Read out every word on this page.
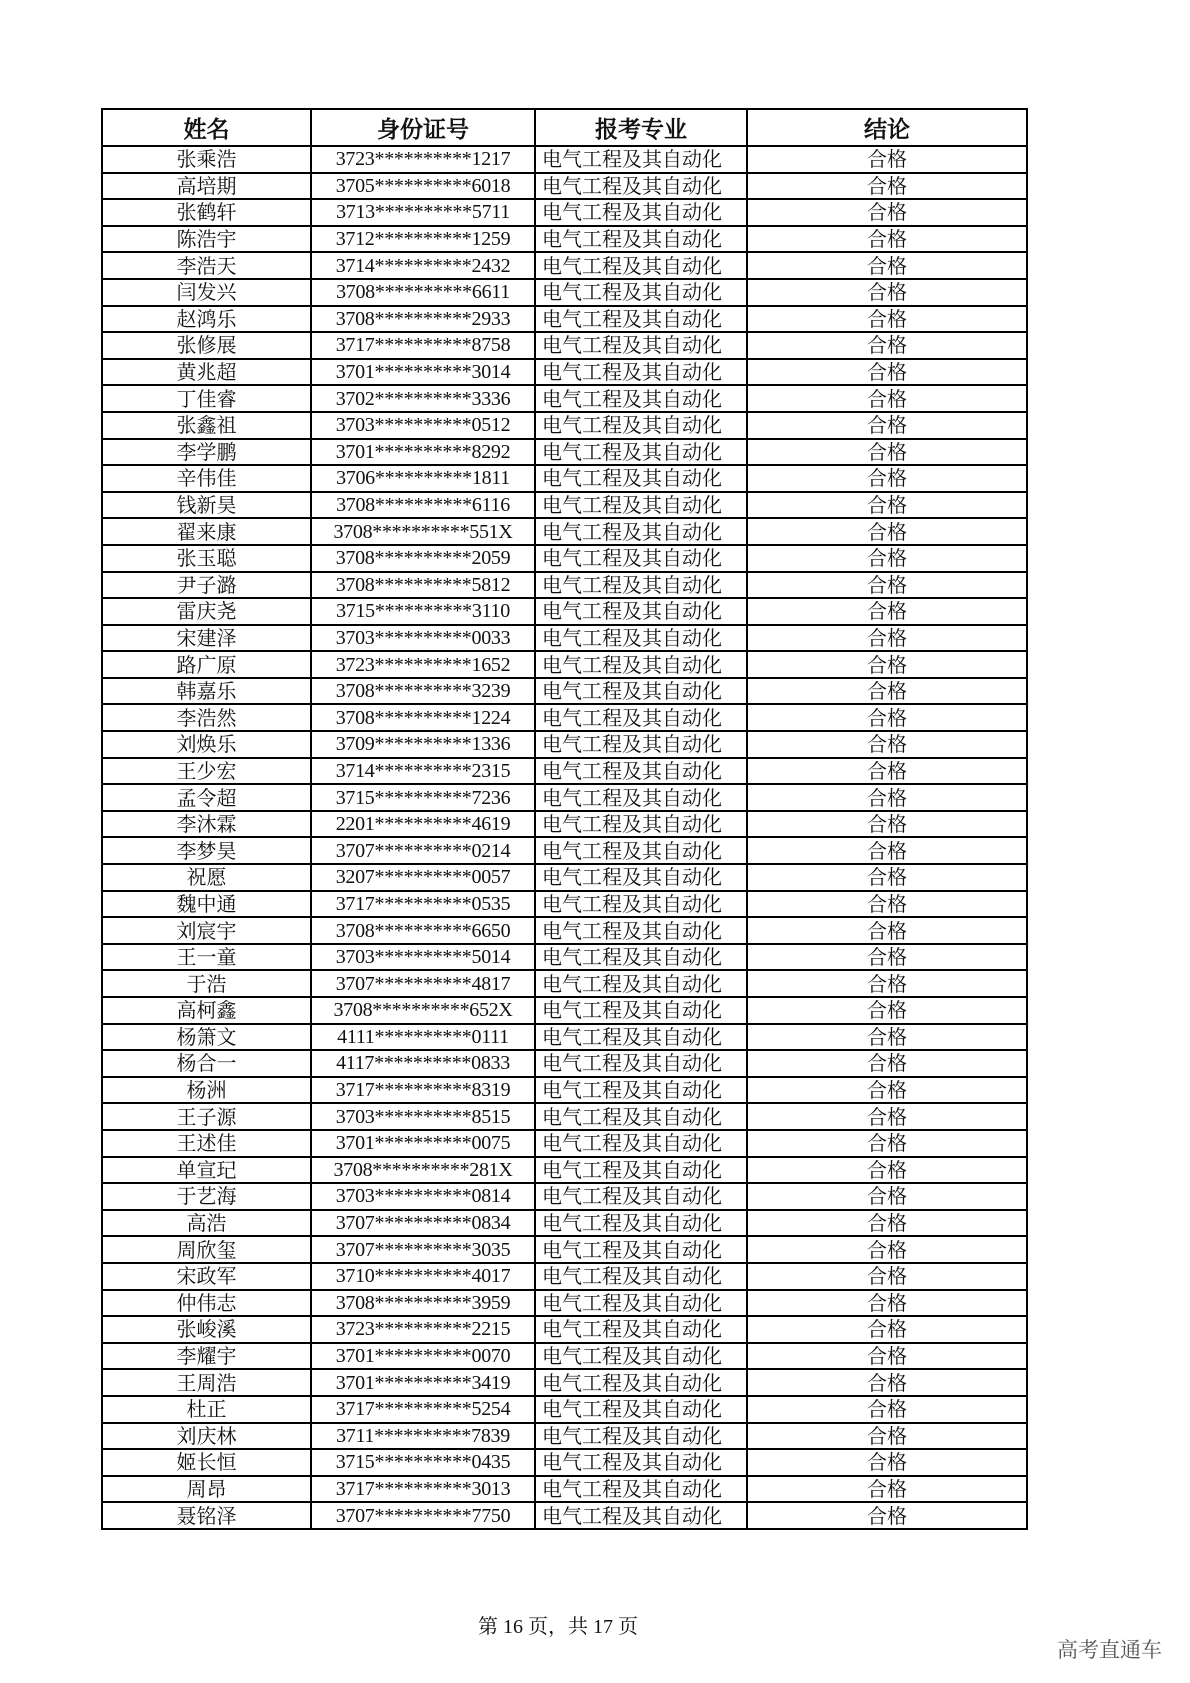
姓名	身份证号	报考专业	结论
张乘浩	3723**********1217	电气工程及其自动化	合格
高培期	3705**********6018	电气工程及其自动化	合格
张鹤轩	3713**********5711	电气工程及其自动化	合格
陈浩宇	3712**********1259	电气工程及其自动化	合格
李浩天	3714**********2432	电气工程及其自动化	合格
闫发兴	3708**********6611	电气工程及其自动化	合格
赵鸿乐	3708**********2933	电气工程及其自动化	合格
张修展	3717**********8758	电气工程及其自动化	合格
黄兆超	3701**********3014	电气工程及其自动化	合格
丁佳睿	3702**********3336	电气工程及其自动化	合格
张鑫祖	3703**********0512	电气工程及其自动化	合格
李学鹏	3701**********8292	电气工程及其自动化	合格
辛伟佳	3706**********1811	电气工程及其自动化	合格
钱新昊	3708**********6116	电气工程及其自动化	合格
翟来康	3708**********551X	电气工程及其自动化	合格
张玉聪	3708**********2059	电气工程及其自动化	合格
尹子潞	3708**********5812	电气工程及其自动化	合格
雷庆尧	3715**********3110	电气工程及其自动化	合格
宋建泽	3703**********0033	电气工程及其自动化	合格
路广原	3723**********1652	电气工程及其自动化	合格
韩嘉乐	3708**********3239	电气工程及其自动化	合格
李浩然	3708**********1224	电气工程及其自动化	合格
刘焕乐	3709**********1336	电气工程及其自动化	合格
王少宏	3714**********2315	电气工程及其自动化	合格
孟令超	3715**********7236	电气工程及其自动化	合格
李沐霖	2201**********4619	电气工程及其自动化	合格
李梦昊	3707**********0214	电气工程及其自动化	合格
祝愿	3207**********0057	电气工程及其自动化	合格
魏中通	3717**********0535	电气工程及其自动化	合格
刘宸宇	3708**********6650	电气工程及其自动化	合格
王一童	3703**********5014	电气工程及其自动化	合格
于浩	3707**********4817	电气工程及其自动化	合格
高柯鑫	3708**********652X	电气工程及其自动化	合格
杨箫文	4111**********0111	电气工程及其自动化	合格
杨合一	4117**********0833	电气工程及其自动化	合格
杨洲	3717**********8319	电气工程及其自动化	合格
王子源	3703**********8515	电气工程及其自动化	合格
王述佳	3701**********0075	电气工程及其自动化	合格
单宣玘	3708**********281X	电气工程及其自动化	合格
于艺海	3703**********0814	电气工程及其自动化	合格
高浩	3707**********0834	电气工程及其自动化	合格
周欣玺	3707**********3035	电气工程及其自动化	合格
宋政军	3710**********4017	电气工程及其自动化	合格
仲伟志	3708**********3959	电气工程及其自动化	合格
张峻溪	3723**********2215	电气工程及其自动化	合格
李耀宇	3701**********0070	电气工程及其自动化	合格
王周浩	3701**********3419	电气工程及其自动化	合格
杜正	3717**********5254	电气工程及其自动化	合格
刘庆林	3711**********7839	电气工程及其自动化	合格
姬长恒	3715**********0435	电气工程及其自动化	合格
周昂	3717**********3013	电气工程及其自动化	合格
聂铭泽	3707**********7750	电气工程及其自动化	合格
第 16 页，共 17 页
高考直通车
